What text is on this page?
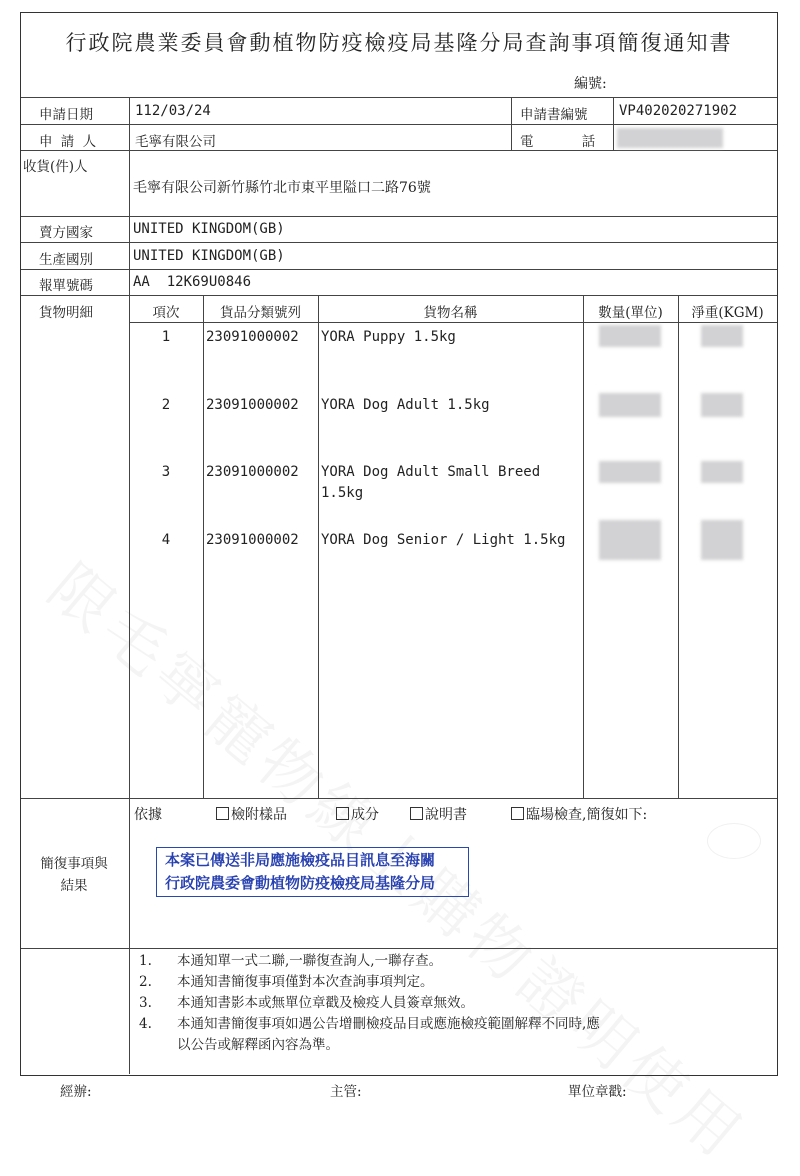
行政院農業委員會動植物防疫檢疫局基隆分局查詢事項簡復通知書
編號:
申請日期	112/03/24	申請書編號 VP402020271902
申 請 人	毛寧有限公司	電 話
收貨(件)人
毛寧有限公司新竹縣竹北市東平里隘口二路76號
賣方國家	UNITED KINGDOM(GB)
生產國別	UNITED KINGDOM(GB)
報單號碼	AA  12K69U0846
貨物明細	項次	貨品分類號列	貨物名稱	數量(單位)	淨重(KGM)
1	23091000002 YORA Puppy 1.5kg
2	23091000002 YORA Dog Adult 1.5kg
3	23091000002 YORA Dog Adult Small Breed 1.5kg
4	23091000002 YORA Dog Senior / Light 1.5kg
簡復事項與結果
依據	檢附樣品	成分	說明書	臨場檢查,簡復如下:
本案已傳送非局應施檢疫品目訊息至海關
行政院農委會動植物防疫檢疫局基隆分局
1.	本通知單一式二聯,一聯復查詢人,一聯存查。
2.	本通知書簡復事項僅對本次查詢事項判定。
3.	本通知書影本或無單位章戳及檢疫人員簽章無效。
4.	本通知書簡復事項如遇公告增刪檢疫品目或應施檢疫範圍解釋不同時,應
以公告或解釋函內容為準。
經辦:	主管:	單位章戳:
